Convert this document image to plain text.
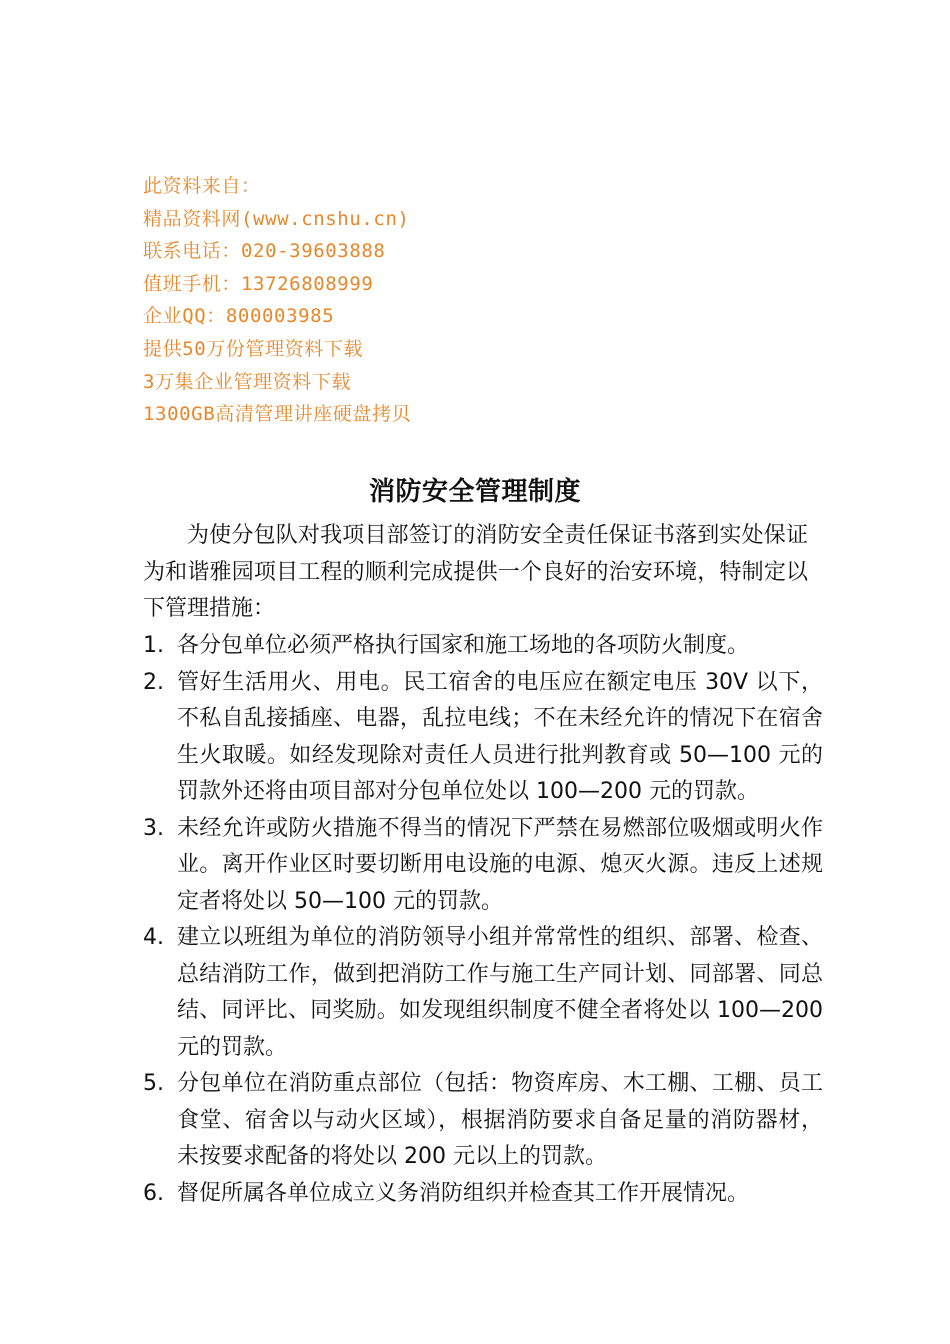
此资料来自：
精品资料网(www.cnshu.cn)
联系电话：020-39603888
值班手机：13726808999
企业QQ：800003985
提供50万份管理资料下载
3万集企业管理资料下载
1300GB高清管理讲座硬盘拷贝
消防安全管理制度

为使分包队对我项目部签订的消防安全责任保证书落到实处保证为和谐雅园项目工程的顺利完成提供一个良好的治安环境，特制定以下管理措施：

1. 各分包单位必须严格执行国家和施工场地的各项防火制度。
2. 管好生活用火、用电。民工宿舍的电压应在额定电压 30V 以下，不私自乱接插座、电器，乱拉电线；不在未经允许的情况下在宿舍生火取暖。如经发现除对责任人员进行批判教育或 50—100 元的罚款外还将由项目部对分包单位处以 100—200 元的罚款。
3. 未经允许或防火措施不得当的情况下严禁在易燃部位吸烟或明火作业。离开作业区时要切断用电设施的电源、熄灭火源。违反上述规定者将处以 50—100 元的罚款。
4. 建立以班组为单位的消防领导小组并常常性的组织、部署、检查、总结消防工作，做到把消防工作与施工生产同计划、同部署、同总结、同评比、同奖励。如发现组织制度不健全者将处以 100—200 元的罚款。
5. 分包单位在消防重点部位（包括：物资库房、木工棚、工棚、员工食堂、宿舍以与动火区域），根据消防要求自备足量的消防器材，未按要求配备的将处以 200 元以上的罚款。
6. 督促所属各单位成立义务消防组织并检查其工作开展情况。
